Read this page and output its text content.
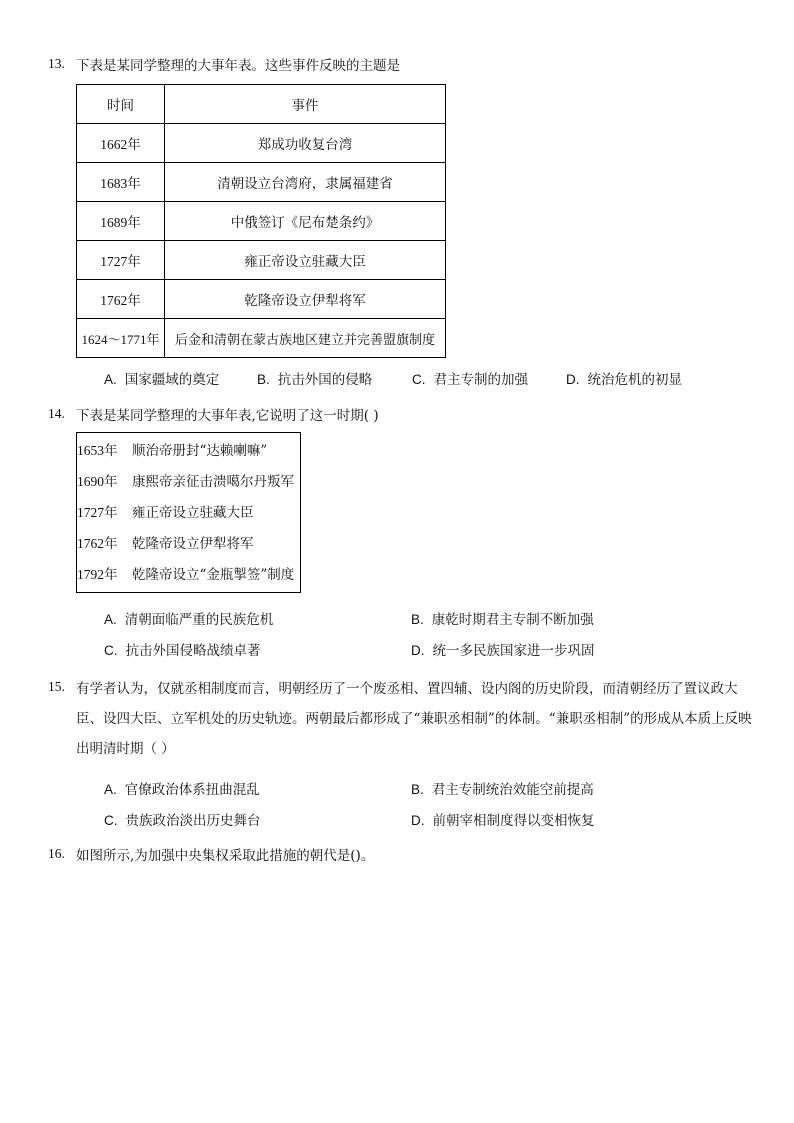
13. 下表是某同学整理的大事年表。这些事件反映的主题是
时间	事件
1662年	郑成功收复台湾
1683年	清朝设立台湾府，隶属福建省
1689年	中俄签订《尼布楚条约》
1727年	雍正帝设立驻藏大臣
1762年	乾隆帝设立伊犁将军
1624～1771年	后金和清朝在蒙古族地区建立并完善盟旗制度
A. 国家疆域的奠定	B. 抗击外国的侵略	C. 君主专制的加强	D. 统治危机的初显
14. 下表是某同学整理的大事年表,它说明了这一时期( )
1653年 顺治帝册封“达赖喇嘛”
1690年 康熙帝亲征击溃噶尔丹叛军
1727年 雍正帝设立驻藏大臣
1762年 乾隆帝设立伊犁将军
1792年 乾隆帝设立“金瓶掣签”制度
A. 清朝面临严重的民族危机	B. 康乾时期君主专制不断加强
C. 抗击外国侵略战绩卓著	D. 统一多民族国家进一步巩固
15. 有学者认为，仅就丞相制度而言，明朝经历了一个废丞相、置四辅、设内阁的历史阶段，而清朝经历了置议政大臣、设四大臣、立军机处的历史轨迹。两朝最后都形成了“兼职丞相制”的体制。“兼职丞相制”的形成从本质上反映出明清时期（ ）
A. 官僚政治体系扭曲混乱	B. 君主专制统治效能空前提高
C. 贵族政治淡出历史舞台	D. 前朝宰相制度得以变相恢复
16. 如图所示,为加强中央集权采取此措施的朝代是()。
